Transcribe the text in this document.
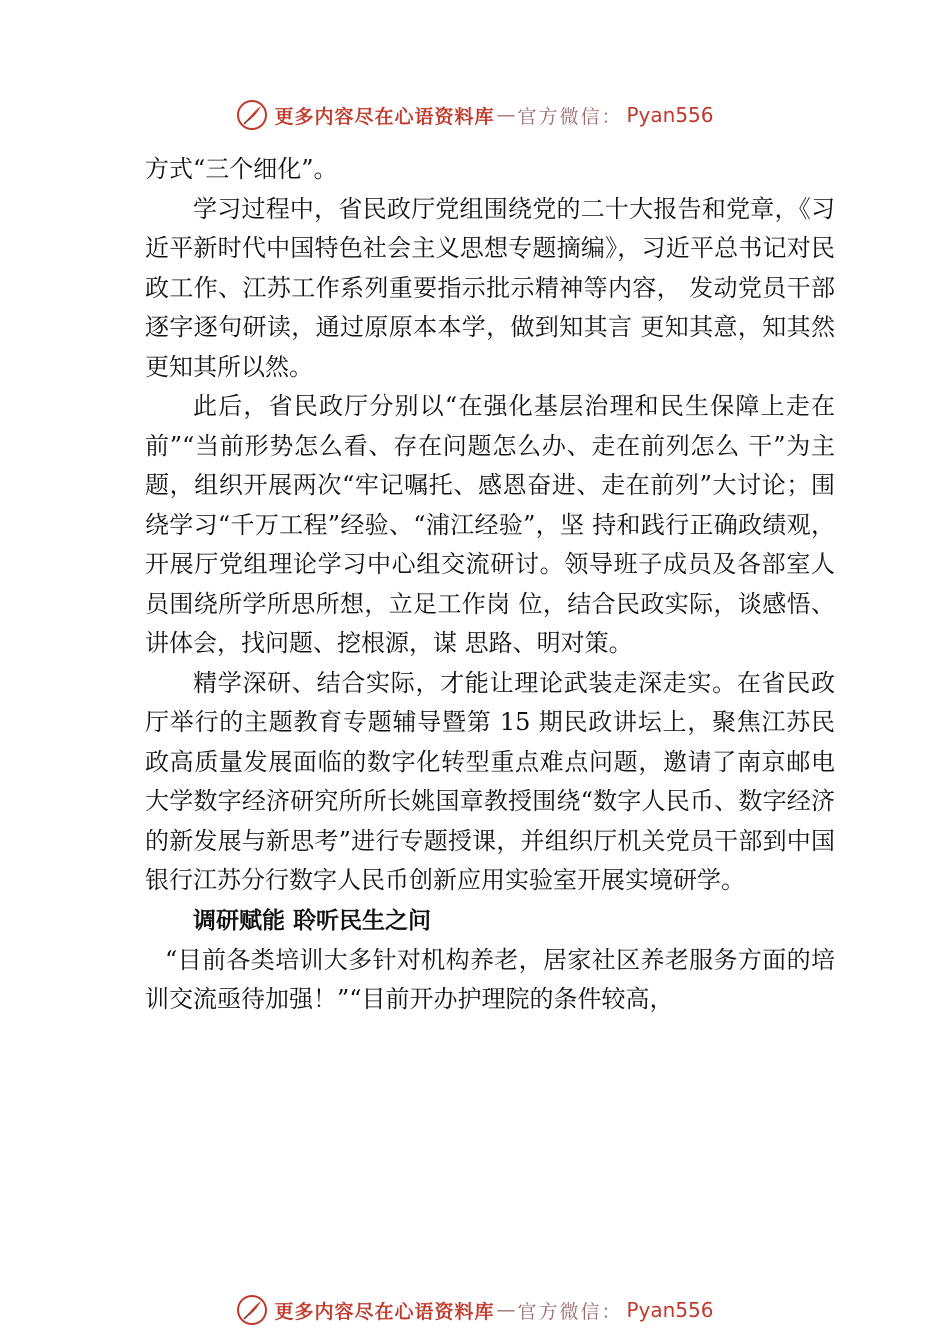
更多内容尽在心语资料库 — 官方微信： Pyan556

方式“三个细化”。

学习过程中，省民政厅党组围绕党的二十大报告和党章，《习近平新时代中国特色社会主义思想专题摘编》，习近平总书记对民政工作、江苏工作系列重要指示批示精神等内容， 发动党员干部逐字逐句研读，通过原原本本学，做到知其言 更知其意，知其然更知其所以然。

此后，省民政厅分别以“在强化基层治理和民生保障上走在前”“当前形势怎么看、存在问题怎么办、走在前列怎么 干”为主题，组织开展两次“牢记嘱托、感恩奋进、走在前列”大讨论；围绕学习“千万工程”经验、“浦江经验”，坚 持和践行正确政绩观，开展厅党组理论学习中心组交流研讨。领导班子成员及各部室人员围绕所学所思所想，立足工作岗 位，结合民政实际，谈感悟、讲体会，找问题、挖根源，谋 思路、明对策。

精学深研、结合实际，才能让理论武装走深走实。在省民政厅举行的主题教育专题辅导暨第 15 期民政讲坛上，聚焦江苏民政高质量发展面临的数字化转型重点难点问题，邀请了南京邮电大学数字经济研究所所长姚国章教授围绕“数字人民币、数字经济的新发展与新思考”进行专题授课，并组织厅机关党员干部到中国银行江苏分行数字人民币创新应用实验室开展实境研学。

调研赋能 聆听民生之问

“目前各类培训大多针对机构养老，居家社区养老服务方面的培训交流亟待加强！”“目前开办护理院的条件较高，

更多内容尽在心语资料库 — 官方微信： Pyan556
